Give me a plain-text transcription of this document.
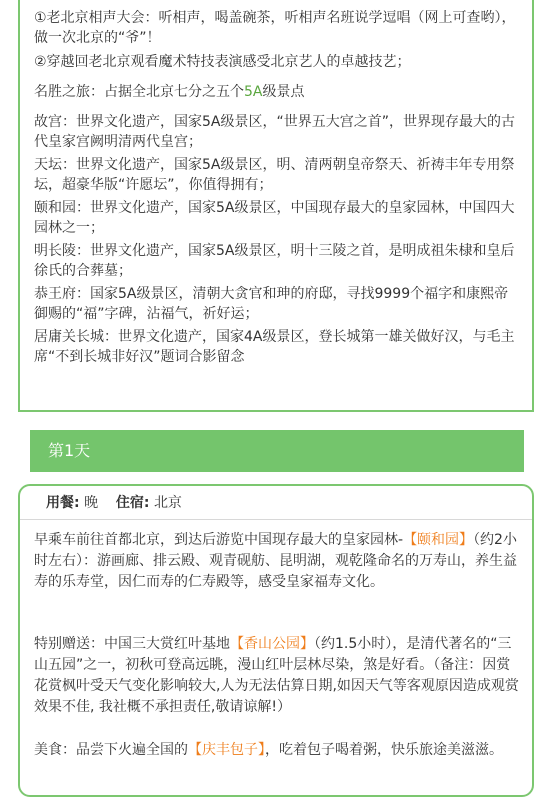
①老北京相声大会：听相声，喝盖碗茶，听相声名班说学逗唱（网上可查哟），做一次北京的“爷”！

②穿越回老北京观看魔术特技表演感受北京艺人的卓越技艺；

名胜之旅：占据全北京七分之五个5A级景点

故宫：世界文化遗产，国家5A级景区，“世界五大宫之首”，世界现存最大的古代皇家宫阙明清两代皇宫；

天坛：世界文化遗产，国家5A级景区，明、清两朝皇帝祭天、祈祷丰年专用祭坛，超豪华版“许愿坛”，你值得拥有；

颐和园：世界文化遗产，国家5A级景区，中国现存最大的皇家园林，中国四大园林之一；

明长陵：世界文化遗产，国家5A级景区，明十三陵之首，是明成祖朱棣和皇后徐氏的合葬墓；

恭王府：国家5A级景区，清朝大贪官和珅的府邸，寻找9999个福字和康熙帝御赐的“福”字碑，沾福气，祈好运；

居庸关长城：世界文化遗产，国家4A级景区，登长城第一雄关做好汉，与毛主席“不到长城非好汉”题词合影留念

第1天
用餐: 晚 住宿: 北京

早乘车前往首都北京，到达后游览中国现存最大的皇家园林-【颐和园】（约2小时左右）：游画廊、排云殿、观青砚舫、昆明湖，观乾隆命名的万寿山，养生益寿的乐寿堂，因仁而寿的仁寿殿等，感受皇家福寿文化。

特别赠送：中国三大赏红叶基地【香山公园】（约1.5小时），是清代著名的“三山五园”之一，初秋可登高远眺，漫山红叶层林尽染，煞是好看。（备注：因赏花赏枫叶受天气变化影响较大,人为无法估算日期,如因天气等客观原因造成观赏效果不佳, 我社概不承担责任,敬请谅解!）

美食：品尝下火遍全国的【庆丰包子】，吃着包子喝着粥，快乐旅途美滋滋。
